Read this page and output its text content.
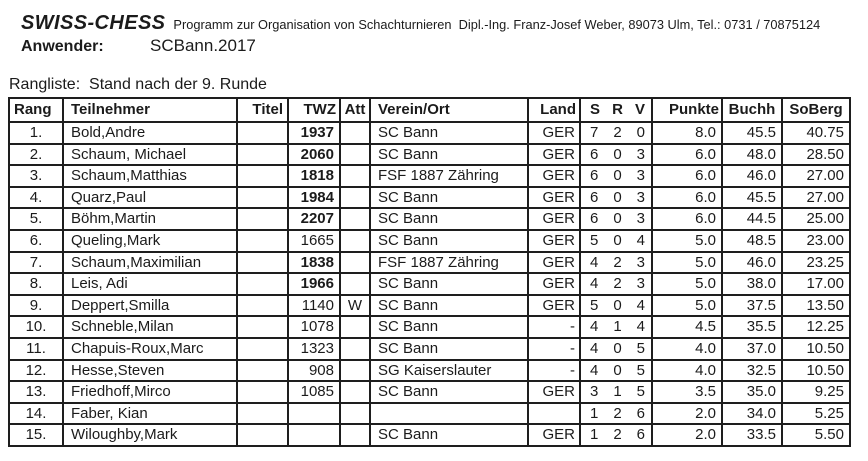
SWISS-CHESS Programm zur Organisation von Schachturnieren  Dipl.-Ing. Franz-Josef Weber, 89073 Ulm, Tel.: 0731 / 70875124
Anwender:	SCBann.2017
Rangliste:  Stand nach der 9. Runde
Rang	Teilnehmer	Titel	TWZ	Att	Verein/Ort	Land	S R V	Punkte	Buchh	SoBerg
1.	Bold,Andre		1937		SC Bann	GER	7 2 0	8.0	45.5	40.75
2.	Schaum, Michael		2060		SC Bann	GER	6 0 3	6.0	48.0	28.50
3.	Schaum,Matthias		1818		FSF 1887 Zähring	GER	6 0 3	6.0	46.0	27.00
4.	Quarz,Paul		1984		SC Bann	GER	6 0 3	6.0	45.5	27.00
5.	Böhm,Martin		2207		SC Bann	GER	6 0 3	6.0	44.5	25.00
6.	Queling,Mark		1665		SC Bann	GER	5 0 4	5.0	48.5	23.00
7.	Schaum,Maximilian		1838		FSF 1887 Zähring	GER	4 2 3	5.0	46.0	23.25
8.	Leis, Adi		1966		SC Bann	GER	4 2 3	5.0	38.0	17.00
9.	Deppert,Smilla		1140	W	SC Bann	GER	5 0 4	5.0	37.5	13.50
10.	Schneble,Milan		1078		SC Bann	-	4 1 4	4.5	35.5	12.25
11.	Chapuis-Roux,Marc		1323		SC Bann	-	4 0 5	4.0	37.0	10.50
12.	Hesse,Steven		908		SG Kaiserslauter	-	4 0 5	4.0	32.5	10.50
13.	Friedhoff,Mirco		1085		SC Bann	GER	3 1 5	3.5	35.0	9.25
14.	Faber, Kian						1 2 6	2.0	34.0	5.25
15.	Wiloughby,Mark				SC Bann	GER	1 2 6	2.0	33.5	5.50
